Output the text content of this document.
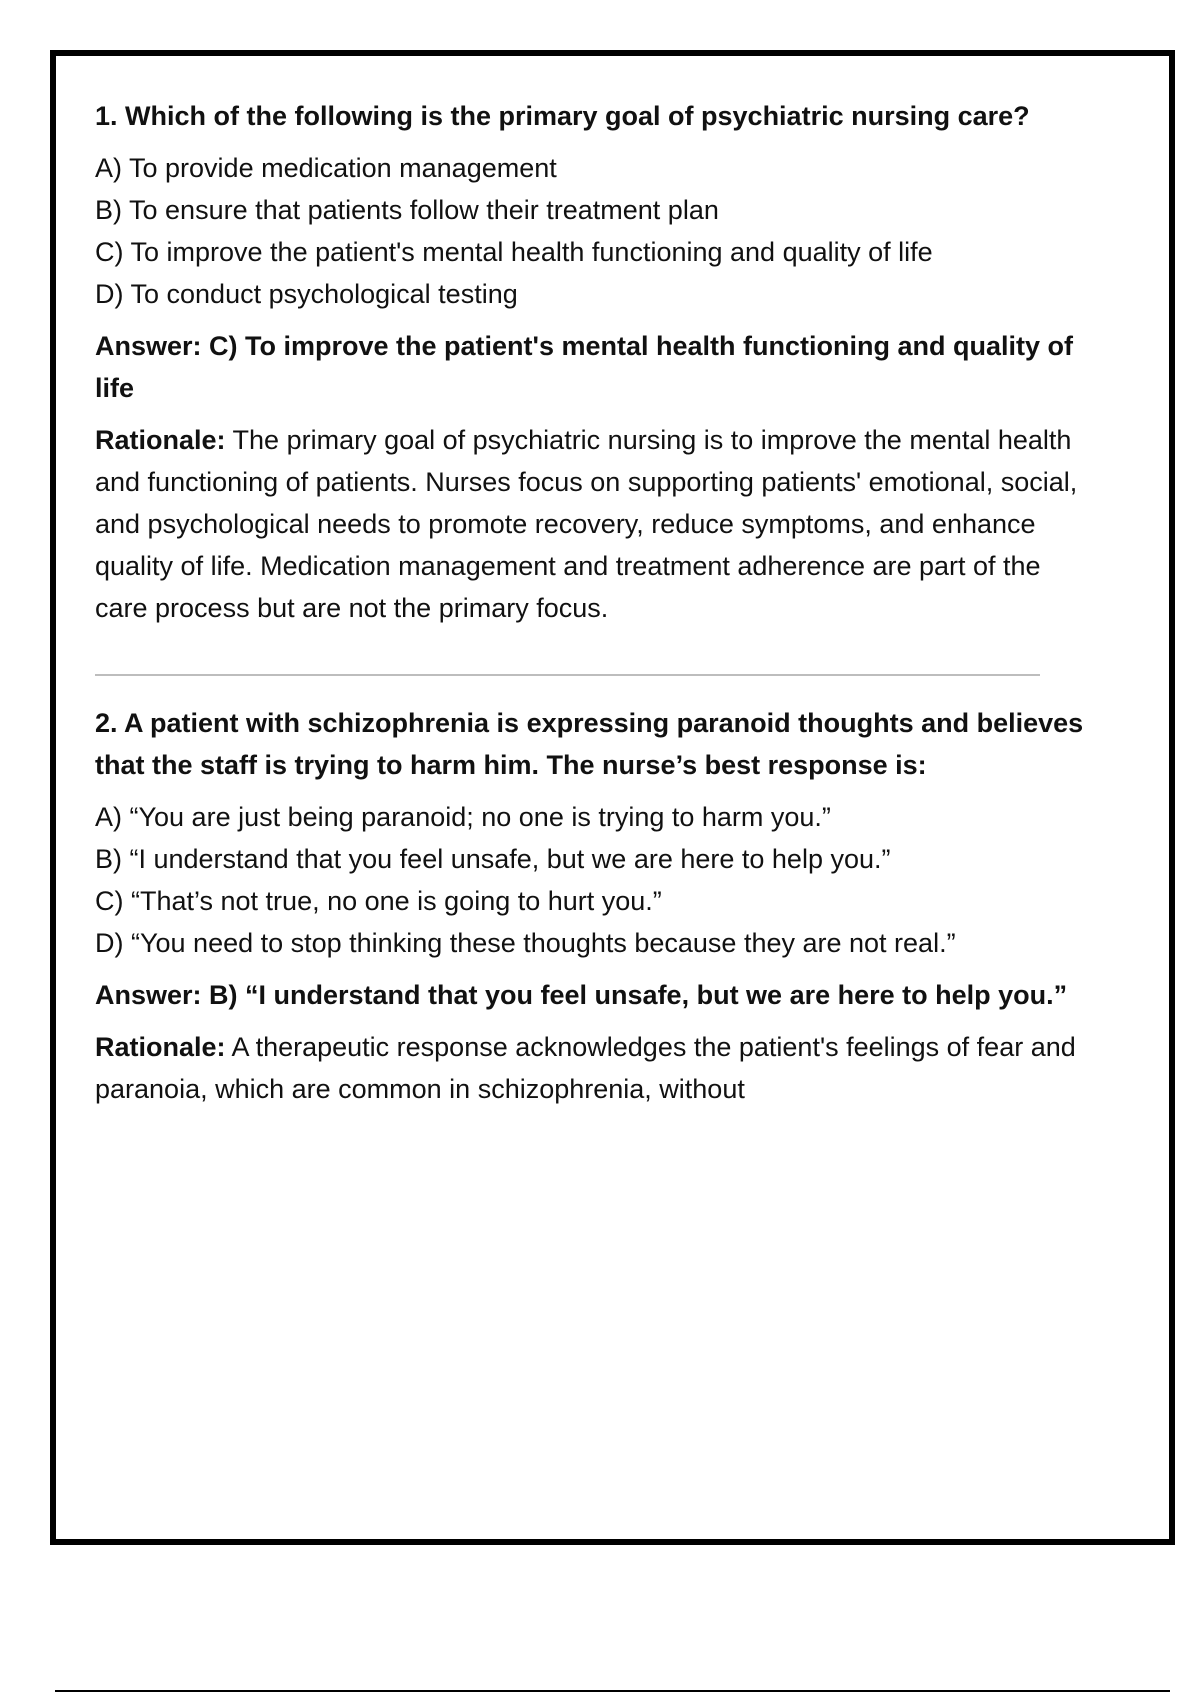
1. Which of the following is the primary goal of psychiatric nursing care?

A) To provide medication management
B) To ensure that patients follow their treatment plan
C) To improve the patient's mental health functioning and quality of life
D) To conduct psychological testing

Answer: C) To improve the patient's mental health functioning and quality of life

Rationale: The primary goal of psychiatric nursing is to improve the mental health and functioning of patients. Nurses focus on supporting patients' emotional, social, and psychological needs to promote recovery, reduce symptoms, and enhance quality of life. Medication management and treatment adherence are part of the care process but are not the primary focus.

2. A patient with schizophrenia is expressing paranoid thoughts and believes that the staff is trying to harm him. The nurse’s best response is:

A) “You are just being paranoid; no one is trying to harm you.”
B) “I understand that you feel unsafe, but we are here to help you.”
C) “That’s not true, no one is going to hurt you.”
D) “You need to stop thinking these thoughts because they are not real.”

Answer: B) “I understand that you feel unsafe, but we are here to help you.”

Rationale: A therapeutic response acknowledges the patient's feelings of fear and paranoia, which are common in schizophrenia, without
